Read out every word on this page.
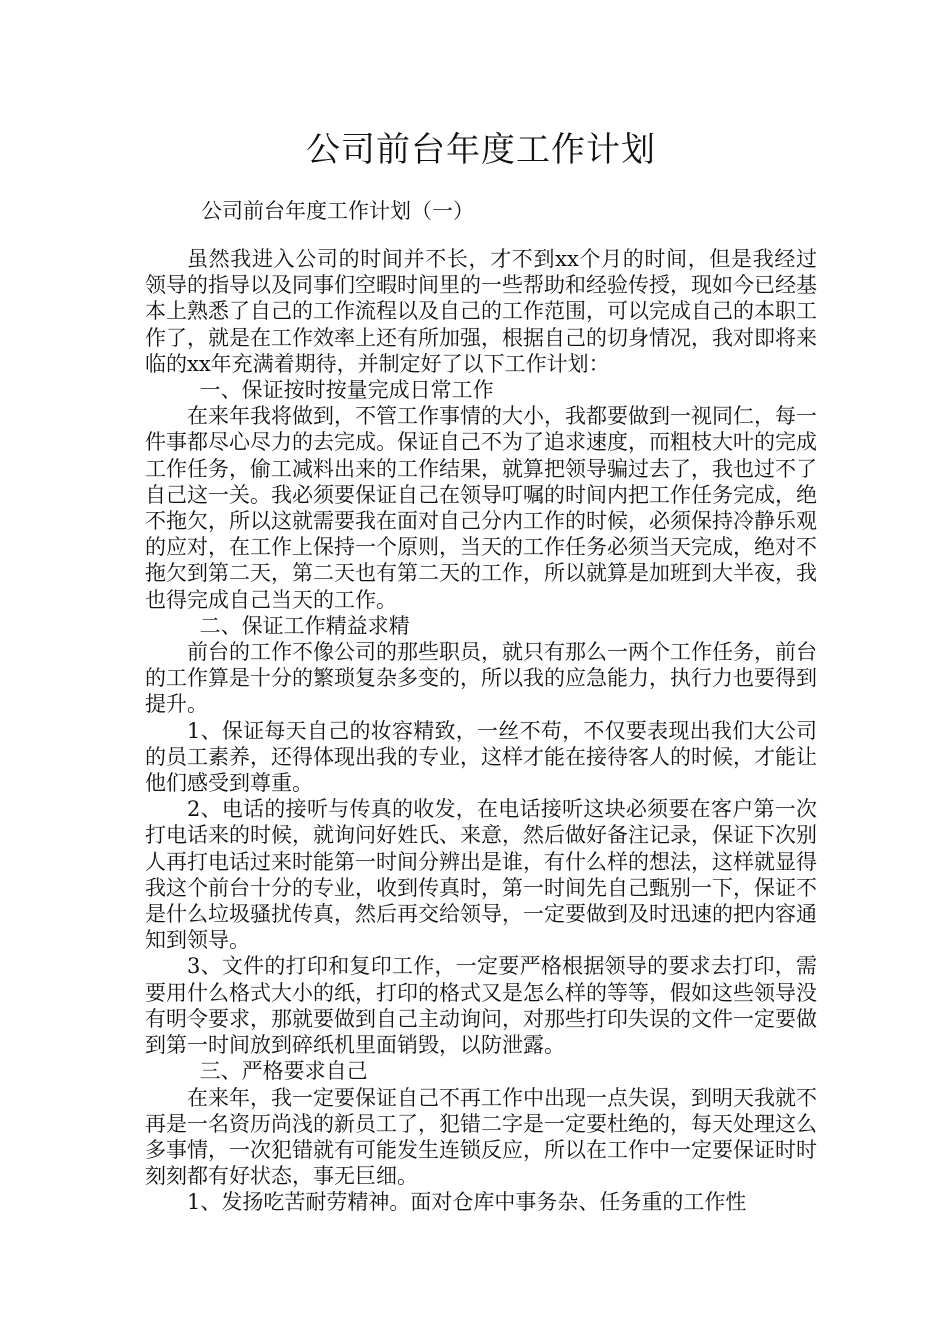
公司前台年度工作计划
公司前台年度工作计划（一）

虽然我进入公司的时间并不长，才不到xx个月的时间，但是我经过领导的指导以及同事们空暇时间里的一些帮助和经验传授，现如今已经基本上熟悉了自己的工作流程以及自己的工作范围，可以完成自己的本职工作了，就是在工作效率上还有所加强，根据自己的切身情况，我对即将来临的xx年充满着期待，并制定好了以下工作计划：

一、保证按时按量完成日常工作

在来年我将做到，不管工作事情的大小，我都要做到一视同仁，每一件事都尽心尽力的去完成。保证自己不为了追求速度，而粗枝大叶的完成工作任务，偷工减料出来的工作结果，就算把领导骗过去了，我也过不了自己这一关。我必须要保证自己在领导叮嘱的时间内把工作任务完成，绝不拖欠，所以这就需要我在面对自己分内工作的时候，必须保持冷静乐观的应对，在工作上保持一个原则，当天的工作任务必须当天完成，绝对不拖欠到第二天，第二天也有第二天的工作，所以就算是加班到大半夜，我也得完成自己当天的工作。

二、保证工作精益求精

前台的工作不像公司的那些职员，就只有那么一两个工作任务，前台的工作算是十分的繁琐复杂多变的，所以我的应急能力，执行力也要得到提升。

1、保证每天自己的妆容精致，一丝不苟，不仅要表现出我们大公司的员工素养，还得体现出我的专业，这样才能在接待客人的时候，才能让他们感受到尊重。

2、电话的接听与传真的收发，在电话接听这块必须要在客户第一次打电话来的时候，就询问好姓氏、来意，然后做好备注记录，保证下次别人再打电话过来时能第一时间分辨出是谁，有什么样的想法，这样就显得我这个前台十分的专业，收到传真时，第一时间先自己甄别一下，保证不是什么垃圾骚扰传真，然后再交给领导，一定要做到及时迅速的把内容通知到领导。

3、文件的打印和复印工作，一定要严格根据领导的要求去打印，需要用什么格式大小的纸，打印的格式又是怎么样的等等，假如这些领导没有明令要求，那就要做到自己主动询问，对那些打印失误的文件一定要做到第一时间放到碎纸机里面销毁，以防泄露。

三、严格要求自己

在来年，我一定要保证自己不再工作中出现一点失误，到明天我就不再是一名资历尚浅的新员工了，犯错二字是一定要杜绝的，每天处理这么多事情，一次犯错就有可能发生连锁反应，所以在工作中一定要保证时时刻刻都有好状态，事无巨细。

1、发扬吃苦耐劳精神。面对仓库中事务杂、任务重的工作性
